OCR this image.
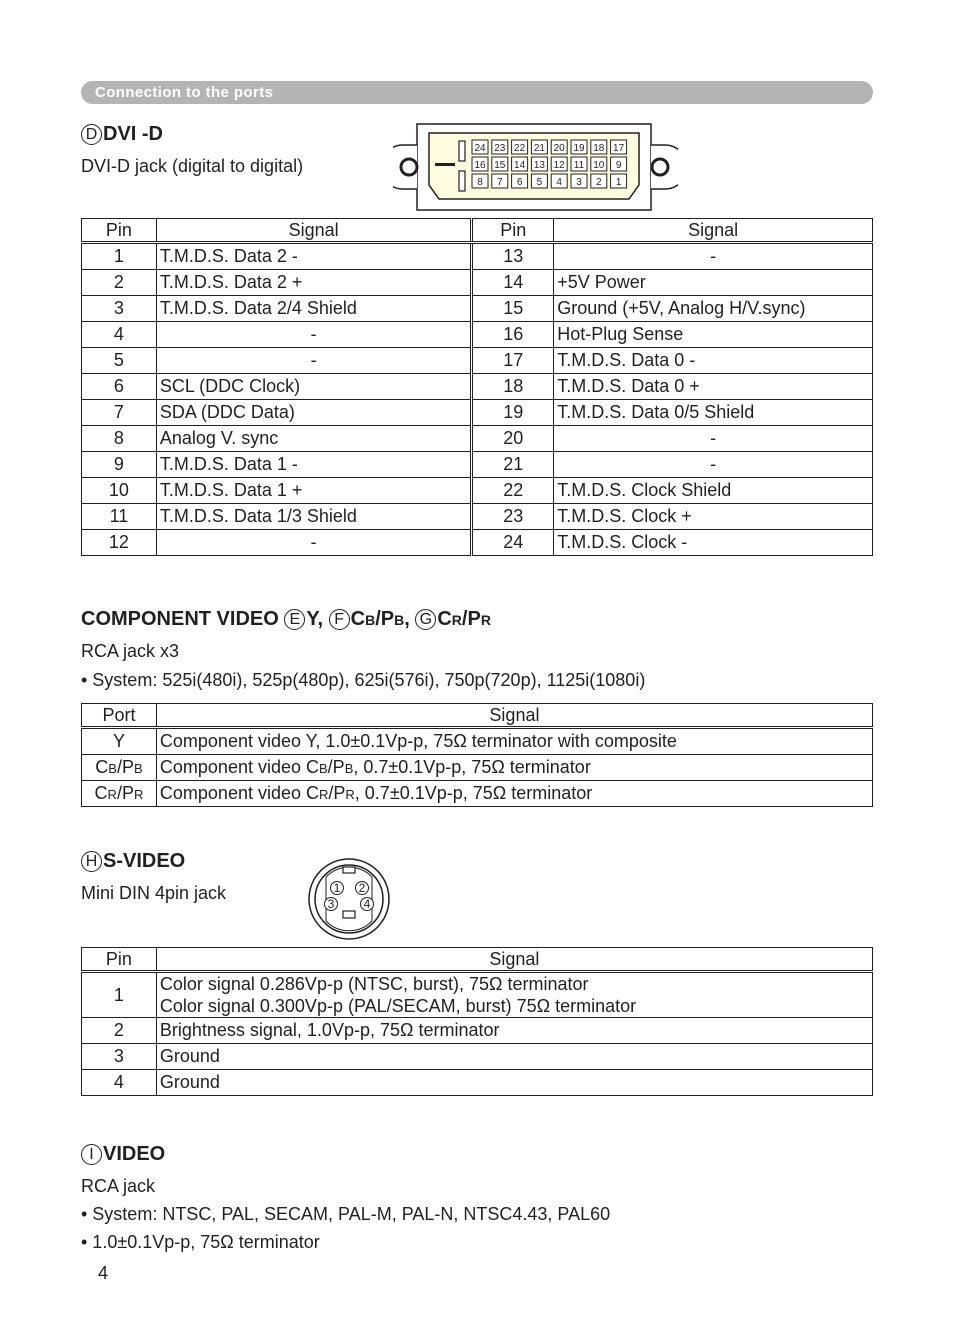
Connection to the ports
D DVI -D
DVI-D jack (digital to digital)
24 23 22 21 20 19 18 17
16 15 14 13 12 11 10 9
8 7 6 5 4 3 2 1
Pin	Signal	Pin	Signal
1	T.M.D.S. Data 2 -	13	-
2	T.M.D.S. Data 2 +	14	+5V Power
3	T.M.D.S. Data 2/4 Shield	15	Ground (+5V, Analog H/V.sync)
4	-	16	Hot-Plug Sense
5	-	17	T.M.D.S. Data 0 -
6	SCL (DDC Clock)	18	T.M.D.S. Data 0 +
7	SDA (DDC Data)	19	T.M.D.S. Data 0/5 Shield
8	Analog V. sync	20	-
9	T.M.D.S. Data 1 -	21	-
10	T.M.D.S. Data 1 +	22	T.M.D.S. Clock Shield
11	T.M.D.S. Data 1/3 Shield	23	T.M.D.S. Clock +
12	-	24	T.M.D.S. Clock -
COMPONENT VIDEO E Y, F CB/PB, G CR/PR
RCA jack x3
• System: 525i(480i), 525p(480p), 625i(576i), 750p(720p), 1125i(1080i)
Port	Signal
Y	Component video Y, 1.0±0.1Vp-p, 75Ω terminator with composite
CB/PB	Component video CB/PB, 0.7±0.1Vp-p, 75Ω terminator
CR/PR	Component video CR/PR, 0.7±0.1Vp-p, 75Ω terminator
H S-VIDEO
Mini DIN 4pin jack	1 2
3 4
Pin	Signal
1	Color signal 0.286Vp-p (NTSC, burst), 75Ω terminator
Color signal 0.300Vp-p (PAL/SECAM, burst) 75Ω terminator

2	Brightness signal, 1.0Vp-p, 75Ω terminator
3	Ground
4	Ground
I VIDEO
RCA jack
• System: NTSC, PAL, SECAM, PAL-M, PAL-N, NTSC4.43, PAL60
• 1.0±0.1Vp-p, 75Ω terminator
4
